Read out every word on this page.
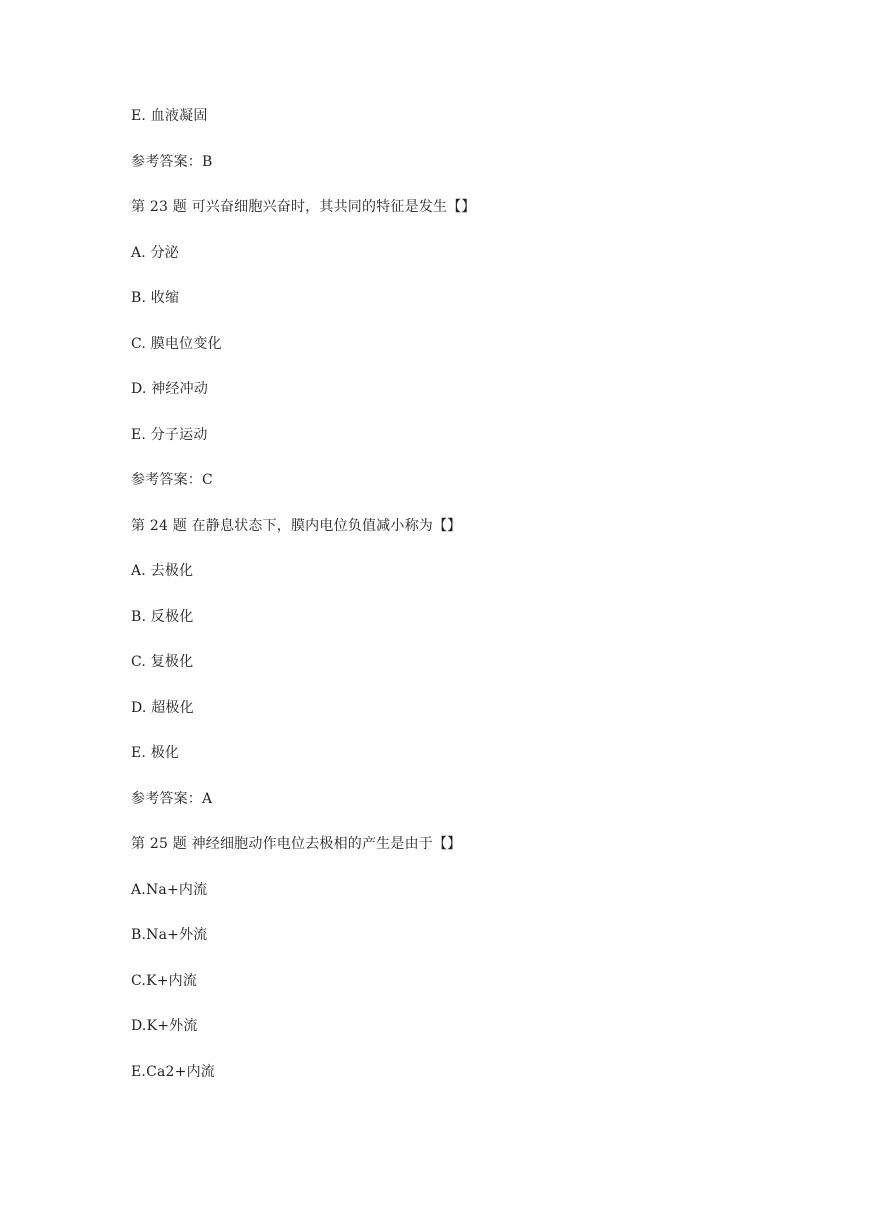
E. 血液凝固
参考答案：B
第 23 题 可兴奋细胞兴奋时，其共同的特征是发生【】
A. 分泌
B. 收缩
C. 膜电位变化
D. 神经冲动
E. 分子运动
参考答案：C
第 24 题 在静息状态下，膜内电位负值减小称为【】
A. 去极化
B. 反极化
C. 复极化
D. 超极化
E. 极化
参考答案：A
第 25 题 神经细胞动作电位去极相的产生是由于【】
A.Na+内流
B.Na+外流
C.K+内流
D.K+外流
E.Ca2+内流
